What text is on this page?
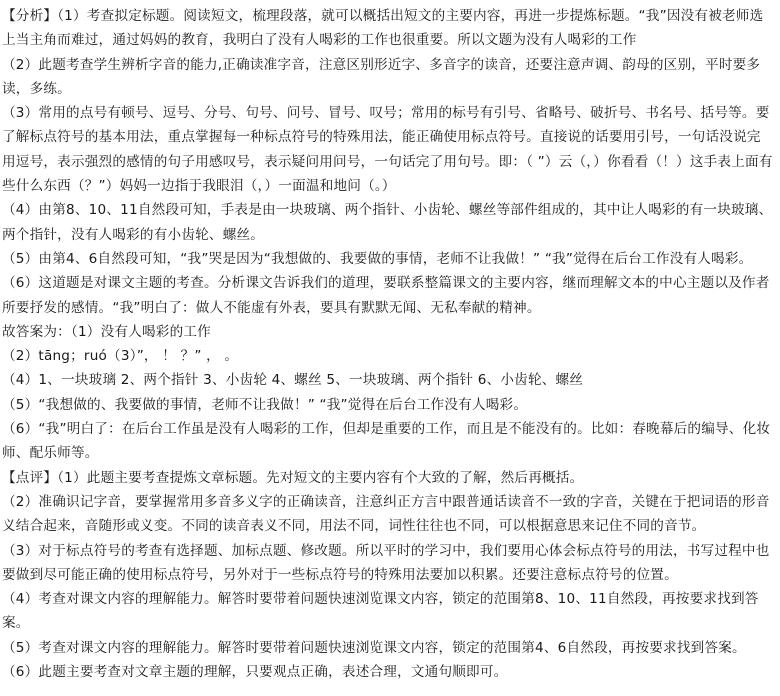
【分析】（1）考查拟定标题。阅读短文，梳理段落，就可以概括出短文的主要内容，再进一步提炼标题。“我”因没有被老师选上当主角而难过，通过妈妈的教育，我明白了没有人喝彩的工作也很重要。所以文题为没有人喝彩的工作

（2）此题考查学生辨析字音的能力,正确读准字音，注意区别形近字、多音字的读音，还要注意声调、韵母的区别，平时要多读，多练。

（3）常用的点号有顿号、逗号、分号、句号、问号、冒号、叹号；常用的标号有引号、省略号、破折号、书名号、括号等。要了解标点符号的基本用法，重点掌握每一种标点符号的特殊用法，能正确使用标点符号。直接说的话要用引号，一句话没说完用逗号，表示强烈的感情的句子用感叹号，表示疑问用问号，一句话完了用句号。即：（ ”）云（，）你看看（！）这手表上面有些什么东西（？”）妈妈一边指于我眼泪（，）一面温和地问（。）

（4）由第8、10、11自然段可知，手表是由一块玻璃、两个指针、小齿轮、螺丝等部件组成的，其中让人喝彩的有一块玻璃、两个指针，没有人喝彩的有小齿轮、螺丝。

（5）由第4、6自然段可知，“我”哭是因为“我想做的、我要做的事情，老师不让我做！” “我”觉得在后台工作没有人喝彩。

（6）这道题是对课文主题的考查。分析课文告诉我们的道理，要联系整篇课文的主要内容，继而理解文本的中心主题以及作者所要抒发的感情。“我”明白了：做人不能虚有外表，要具有默默无闻、无私奉献的精神。

故答案为：（1）没有人喝彩的工作

（2）tāng；ruó（3）”， ！ ？” ， 。

（4）1、一块玻璃 2、两个指针 3、小齿轮 4、螺丝 5、一块玻璃、两个指针 6、小齿轮、螺丝

（5）“我想做的、我要做的事情，老师不让我做！” “我”觉得在后台工作没有人喝彩。

（6）“我”明白了：在后台工作虽是没有人喝彩的工作，但却是重要的工作，而且是不能没有的。比如：春晚幕后的编导、化妆师、配乐师等。

【点评】（1）此题主要考查提炼文章标题。先对短文的主要内容有个大致的了解，然后再概括。

（2）准确识记字音，要掌握常用多音多义字的正确读音，注意纠正方言中跟普通话读音不一致的字音，关键在于把词语的形音义结合起来，音随形或义变。不同的读音表义不同，用法不同，词性往往也不同，可以根据意思来记住不同的音节。

（3）对于标点符号的考查有选择题、加标点题、修改题。所以平时的学习中，我们要用心体会标点符号的用法，书写过程中也要做到尽可能正确的使用标点符号，另外对于一些标点符号的特殊用法要加以积累。还要注意标点符号的位置。

（4）考查对课文内容的理解能力。解答时要带着问题快速浏览课文内容，锁定的范围第8、10、11自然段，再按要求找到答案。

（5）考查对课文内容的理解能力。解答时要带着问题快速浏览课文内容，锁定的范围第4、6自然段，再按要求找到答案。

（6）此题主要考查对文章主题的理解，只要观点正确，表述合理，文通句顺即可。
